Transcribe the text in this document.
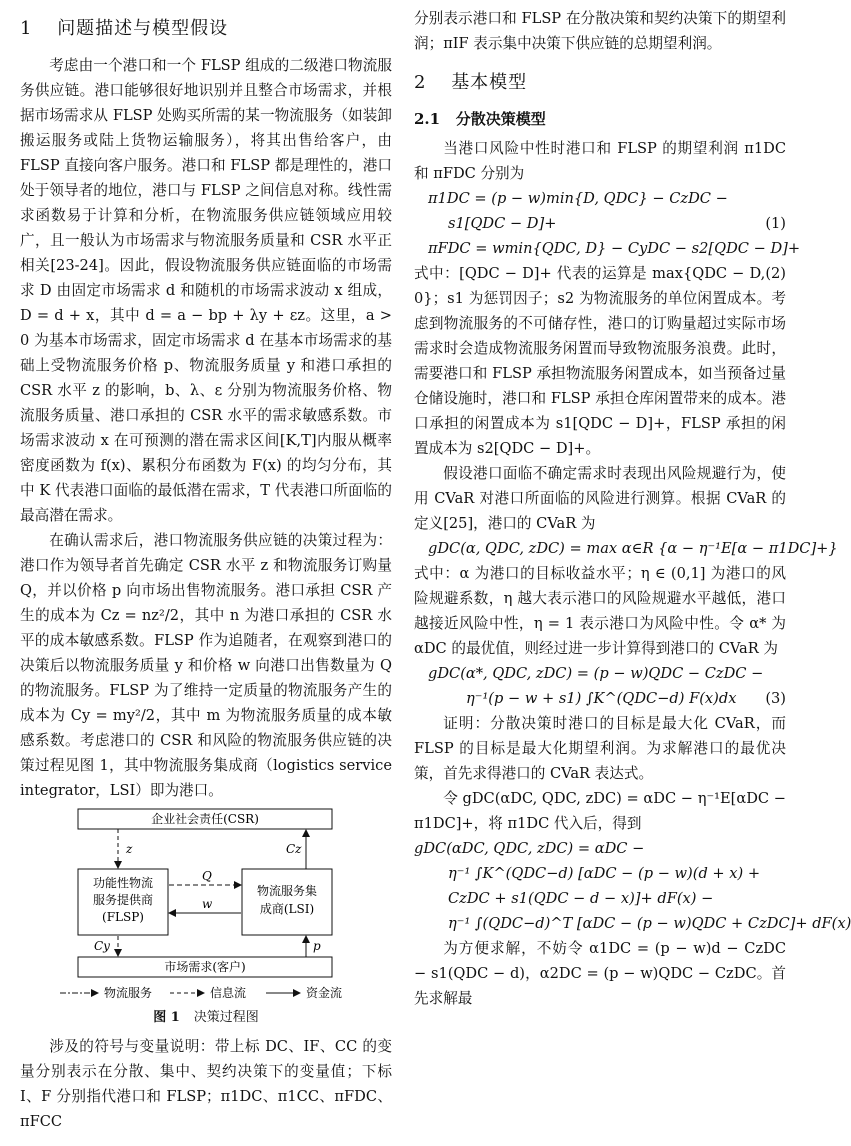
1 问题描述与模型假设

考虑由一个港口和一个 FLSP 组成的二级港口物流服务供应链。港口能够很好地识别并且整合市场需求，并根据市场需求从 FLSP 处购买所需的某一物流服务（如装卸搬运服务或陆上货物运输服务），将其出售给客户，由 FLSP 直接向客户服务。港口和 FLSP 都是理性的，港口处于领导者的地位，港口与 FLSP 之间信息对称。线性需求函数易于计算和分析，在物流服务供应链领域应用较广，且一般认为市场需求与物流服务质量和 CSR 水平正相关[23-24]。因此，假设物流服务供应链面临的市场需求 D 由固定市场需求 d 和随机的市场需求波动 x 组成，D = d + x，其中 d = a − bp + λy + εz。这里，a > 0 为基本市场需求，固定市场需求 d 在基本市场需求的基础上受物流服务价格 p、物流服务质量 y 和港口承担的 CSR 水平 z 的影响，b、λ、ε 分别为物流服务价格、物流服务质量、港口承担的 CSR 水平的需求敏感系数。市场需求波动 x 在可预测的潜在需求区间[K,T]内服从概率密度函数为 f(x)、累积分布函数为 F(x) 的均匀分布，其中 K 代表港口面临的最低潜在需求，T 代表港口所面临的最高潜在需求。

在确认需求后，港口物流服务供应链的决策过程为：港口作为领导者首先确定 CSR 水平 z 和物流服务订购量 Q，并以价格 p 向市场出售物流服务。港口承担 CSR 产生的成本为 Cz = nz²/2，其中 n 为港口承担的 CSR 水平的成本敏感系数。FLSP 作为追随者，在观察到港口的决策后以物流服务质量 y 和价格 w 向港口出售数量为 Q 的物流服务。FLSP 为了维持一定质量的物流服务产生的成本为 Cy = my²/2，其中 m 为物流服务质量的成本敏感系数。考虑港口的 CSR 和风险的物流服务供应链的决策过程见图 1，其中物流服务集成商（logistics service integrator，LSI）即为港口。

企业社会责任(CSR)
功能性物流
服务提供商
(FLSP)
物流服务集
成商(LSI)
市场需求(客户)
z	Cz
Q
w
Cy	p
物流服务	信息流	资金流
图 1 决策过程图

涉及的符号与变量说明：带上标 DC、IF、CC 的变量分别表示在分散、集中、契约决策下的变量值；下标 I、F 分别指代港口和 FLSP；π1DC、π1CC、πFDC、πFCC

分别表示港口和 FLSP 在分散决策和契约决策下的期望利润；πIF 表示集中决策下供应链的总期望利润。

2 基本模型
2.1 分散决策模型

当港口风险中性时港口和 FLSP 的期望利润 π1DC 和 πFDC 分别为

π1DC = (p − w)min{D, QDC} − CzDC −
s1[QDC − D]+	(1)
πFDC = wmin{QDC, D} − CyDC − s2[QDC − D]+
(2)

式中：[QDC − D]+ 代表的运算是 max{QDC − D, 0}；s1 为惩罚因子；s2 为物流服务的单位闲置成本。考虑到物流服务的不可储存性，港口的订购量超过实际市场需求时会造成物流服务闲置而导致物流服务浪费。此时，需要港口和 FLSP 承担物流服务闲置成本，如当预备过量仓储设施时，港口和 FLSP 承担仓库闲置带来的成本。港口承担的闲置成本为 s1[QDC − D]+，FLSP 承担的闲置成本为 s2[QDC − D]+。

假设港口面临不确定需求时表现出风险规避行为，使用 CVaR 对港口所面临的风险进行测算。根据 CVaR 的定义[25]，港口的 CVaR 为

gDC(α, QDC, zDC) = max α∈R {α − η⁻¹E[α − π1DC]+}

式中：α 为港口的目标收益水平；η ∈ (0,1] 为港口的风险规避系数，η 越大表示港口的风险规避水平越低，港口越接近风险中性，η = 1 表示港口为风险中性。令 α* 为 αDC 的最优值，则经过进一步计算得到港口的 CVaR 为

gDC(α*, QDC, zDC) = (p − w)QDC − CzDC −
η⁻¹(p − w + s1) ∫K^(QDC−d) F(x)dx (3)

证明：分散决策时港口的目标是最大化 CVaR，而 FLSP 的目标是最大化期望利润。为求解港口的最优决策，首先求得港口的 CVaR 表达式。

令 gDC(αDC, QDC, zDC) = αDC − η⁻¹E[αDC − π1DC]+，将 π1DC 代入后，得到

gDC(αDC, QDC, zDC) = αDC −
η⁻¹ ∫K^(QDC−d) [αDC − (p − w)(d + x) +
CzDC + s1(QDC − d − x)]+ dF(x) −
η⁻¹ ∫(QDC−d)^T [αDC − (p − w)QDC + CzDC]+ dF(x)

为方便求解，不妨令 α1DC = (p − w)d − CzDC − s1(QDC − d)，α2DC = (p − w)QDC − CzDC。首先求解最
